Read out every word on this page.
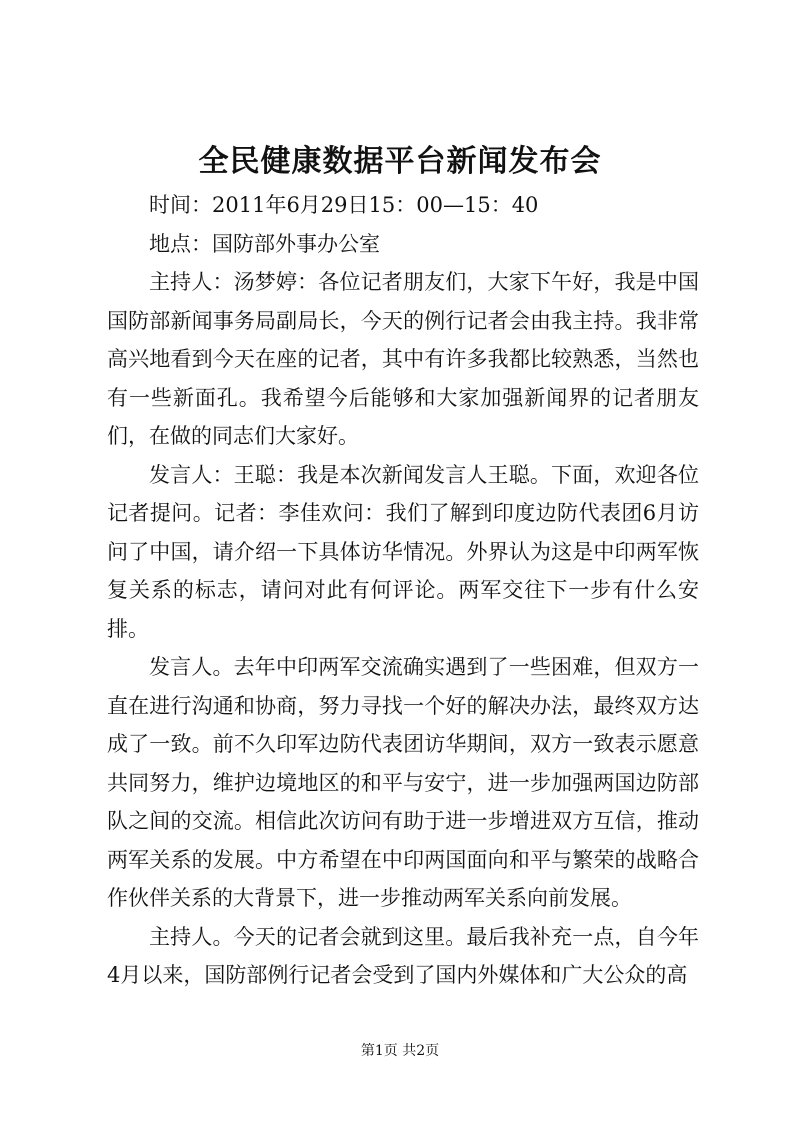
全民健康数据平台新闻发布会

时间：2011年6月29日15：00—15：40

地点：国防部外事办公室

主持人：汤梦婷：各位记者朋友们，大家下午好，我是中国国防部新闻事务局副局长，今天的例行记者会由我主持。我非常高兴地看到今天在座的记者，其中有许多我都比较熟悉，当然也有一些新面孔。我希望今后能够和大家加强新闻界的记者朋友们，在做的同志们大家好。

发言人：王聪：我是本次新闻发言人王聪。下面，欢迎各位记者提问。记者：李佳欢问：我们了解到印度边防代表团6月访问了中国，请介绍一下具体访华情况。外界认为这是中印两军恢复关系的标志，请问对此有何评论。两军交往下一步有什么安排。

发言人。去年中印两军交流确实遇到了一些困难，但双方一直在进行沟通和协商，努力寻找一个好的解决办法，最终双方达成了一致。前不久印军边防代表团访华期间，双方一致表示愿意共同努力，维护边境地区的和平与安宁，进一步加强两国边防部队之间的交流。相信此次访问有助于进一步增进双方互信，推动两军关系的发展。中方希望在中印两国面向和平与繁荣的战略合作伙伴关系的大背景下，进一步推动两军关系向前发展。

主持人。今天的记者会就到这里。最后我补充一点，自今年4月以来，国防部例行记者会受到了国内外媒体和广大公众的高

第1页 共2页
